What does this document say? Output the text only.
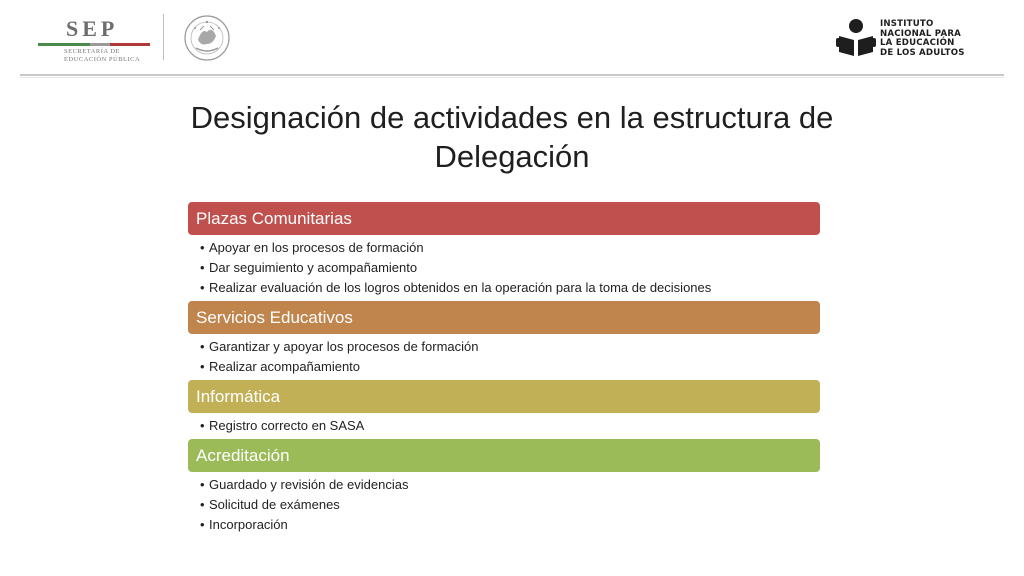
SEP
SECRETARÍA DE
EDUCACIÓN PÚBLICA
INSTITUTO
NACIONAL PARA
LA EDUCACIÓN
DE LOS ADULTOS
Designación de actividades en la estructura de Delegación
Plazas Comunitarias
• Apoyar en los procesos de formación
• Dar seguimiento y acompañamiento
• Realizar evaluación de los logros obtenidos en la operación para la toma de decisiones
Servicios Educativos
• Garantizar y apoyar los procesos de formación
• Realizar acompañamiento
Informática
• Registro correcto en SASA
Acreditación
• Guardado y revisión de evidencias
• Solicitud de exámenes
• Incorporación
